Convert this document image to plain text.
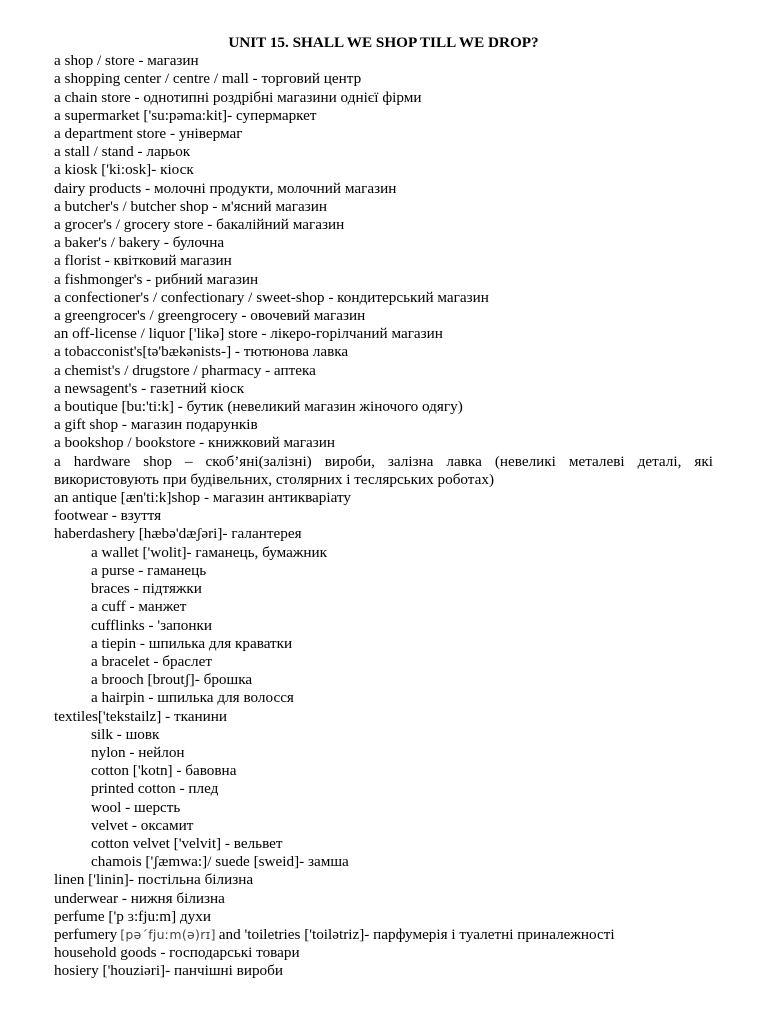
UNIT 15. SHALL WE SHOP TILL WE DROP?
a shop / store - магазин
a shopping center / centre / mall - торговий центр
a chain store - однотипні роздрібні магазини однієї фірми
a supermarket ['su:pəma:kit]- супермаркет
a department store - універмаг
a stall / stand - ларьок
a kiosk ['ki:osk]- кіоск
dairy products - молочні продукти, молочний магазин
a butcher's / butcher shop - м'ясний магазин
a grocer's / grocery store - бакалійний магазин
a baker's / bakery - булочна
a florist - квітковий магазин
a fishmonger's - рибний магазин
a confectioner's / confectionary / sweet-shop - кондитерський магазин
a greengrocer's / greengrocery - овочевий магазин
an off-license / liquor ['likə] store - лікеро-горілчаний магазин
a tobacconist's[tə'bækənists-] - тютюнова лавка
a chemist's / drugstore / pharmacy - аптека
a newsagent's - газетний кіоск
a boutique [bu:'ti:k] - бутик (невеликий магазин жіночого одягу)
a gift shop - магазин подарунків
a bookshop / bookstore - книжковий магазин
a hardware shop – скоб’яні(залізні) вироби, залізна лавка (невеликі металеві деталі, які використовують при будівельних, столярних і теслярських роботах)
an antique [æn'ti:k]shop - магазин антикваріату
footwear - взуття
haberdashery [hæbə'dæʃəri]- галантерея
a wallet ['wolit]- гаманець, бумажник
a purse - гаманець
braces - підтяжки
a cuff - манжет
cufflinks - 'запонки
a tiepin - шпилька для краватки
a bracelet - браслет
a brooch [broutʃ]- брошка
a hairpin - шпилька для волосся
textiles['tekstailz] - тканини
silk - шовк
nylon - нейлон
cotton ['kotn] - бавовна
printed cotton - плед
wool - шерсть
velvet - оксамит
cotton velvet ['velvit] - вельвет
chamois ['ʃæmwa:]/ suede [sweid]- замша
linen ['linin]- постільна білизна
underwear - нижня білизна
perfume ['p ɜ:fju:m] духи
perfumery [pə´fjuːm(ə)rɪ] and 'toiletries ['toilətriz]- парфумерія і туалетні приналежності
household goods - господарські товари
hosiery ['houziəri]- панчішні вироби
